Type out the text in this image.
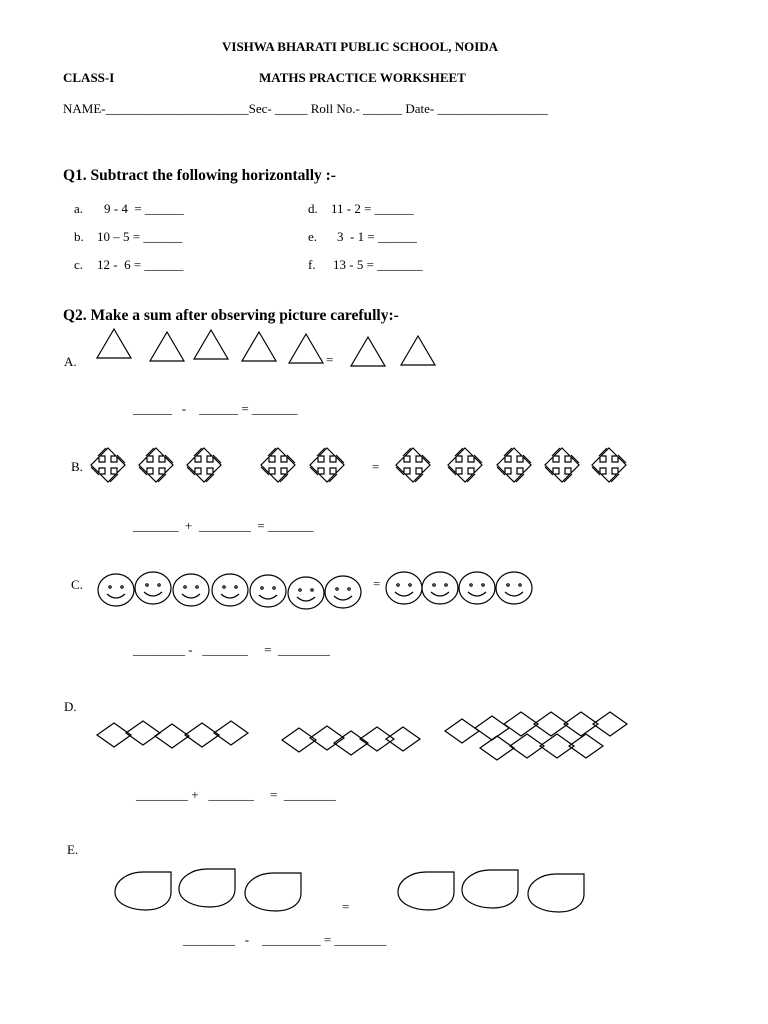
VISHWA BHARATI PUBLIC SCHOOL, NOIDA
CLASS-I	MATHS PRACTICE WORKSHEET
NAME-______________________Sec- _____ Roll No.- ______ Date- _________________
Q1. Subtract the following horizontally :-
a. 9 - 4  = ______
b. 10 – 5 = ______
c. 12 -  6 = ______
d. 11 - 2 = ______
e. 3  - 1 = ______
f. 13 - 5 = _______
Q2. Make a sum after observing picture carefully:-
A.	=
______   -    ______ = _______
B.	=
_______  +  ________  = _______
C.	=
________ -   _______     =  ________
D.
________ +   _______     =  ________
E.
=
________   -    _________ = ________
